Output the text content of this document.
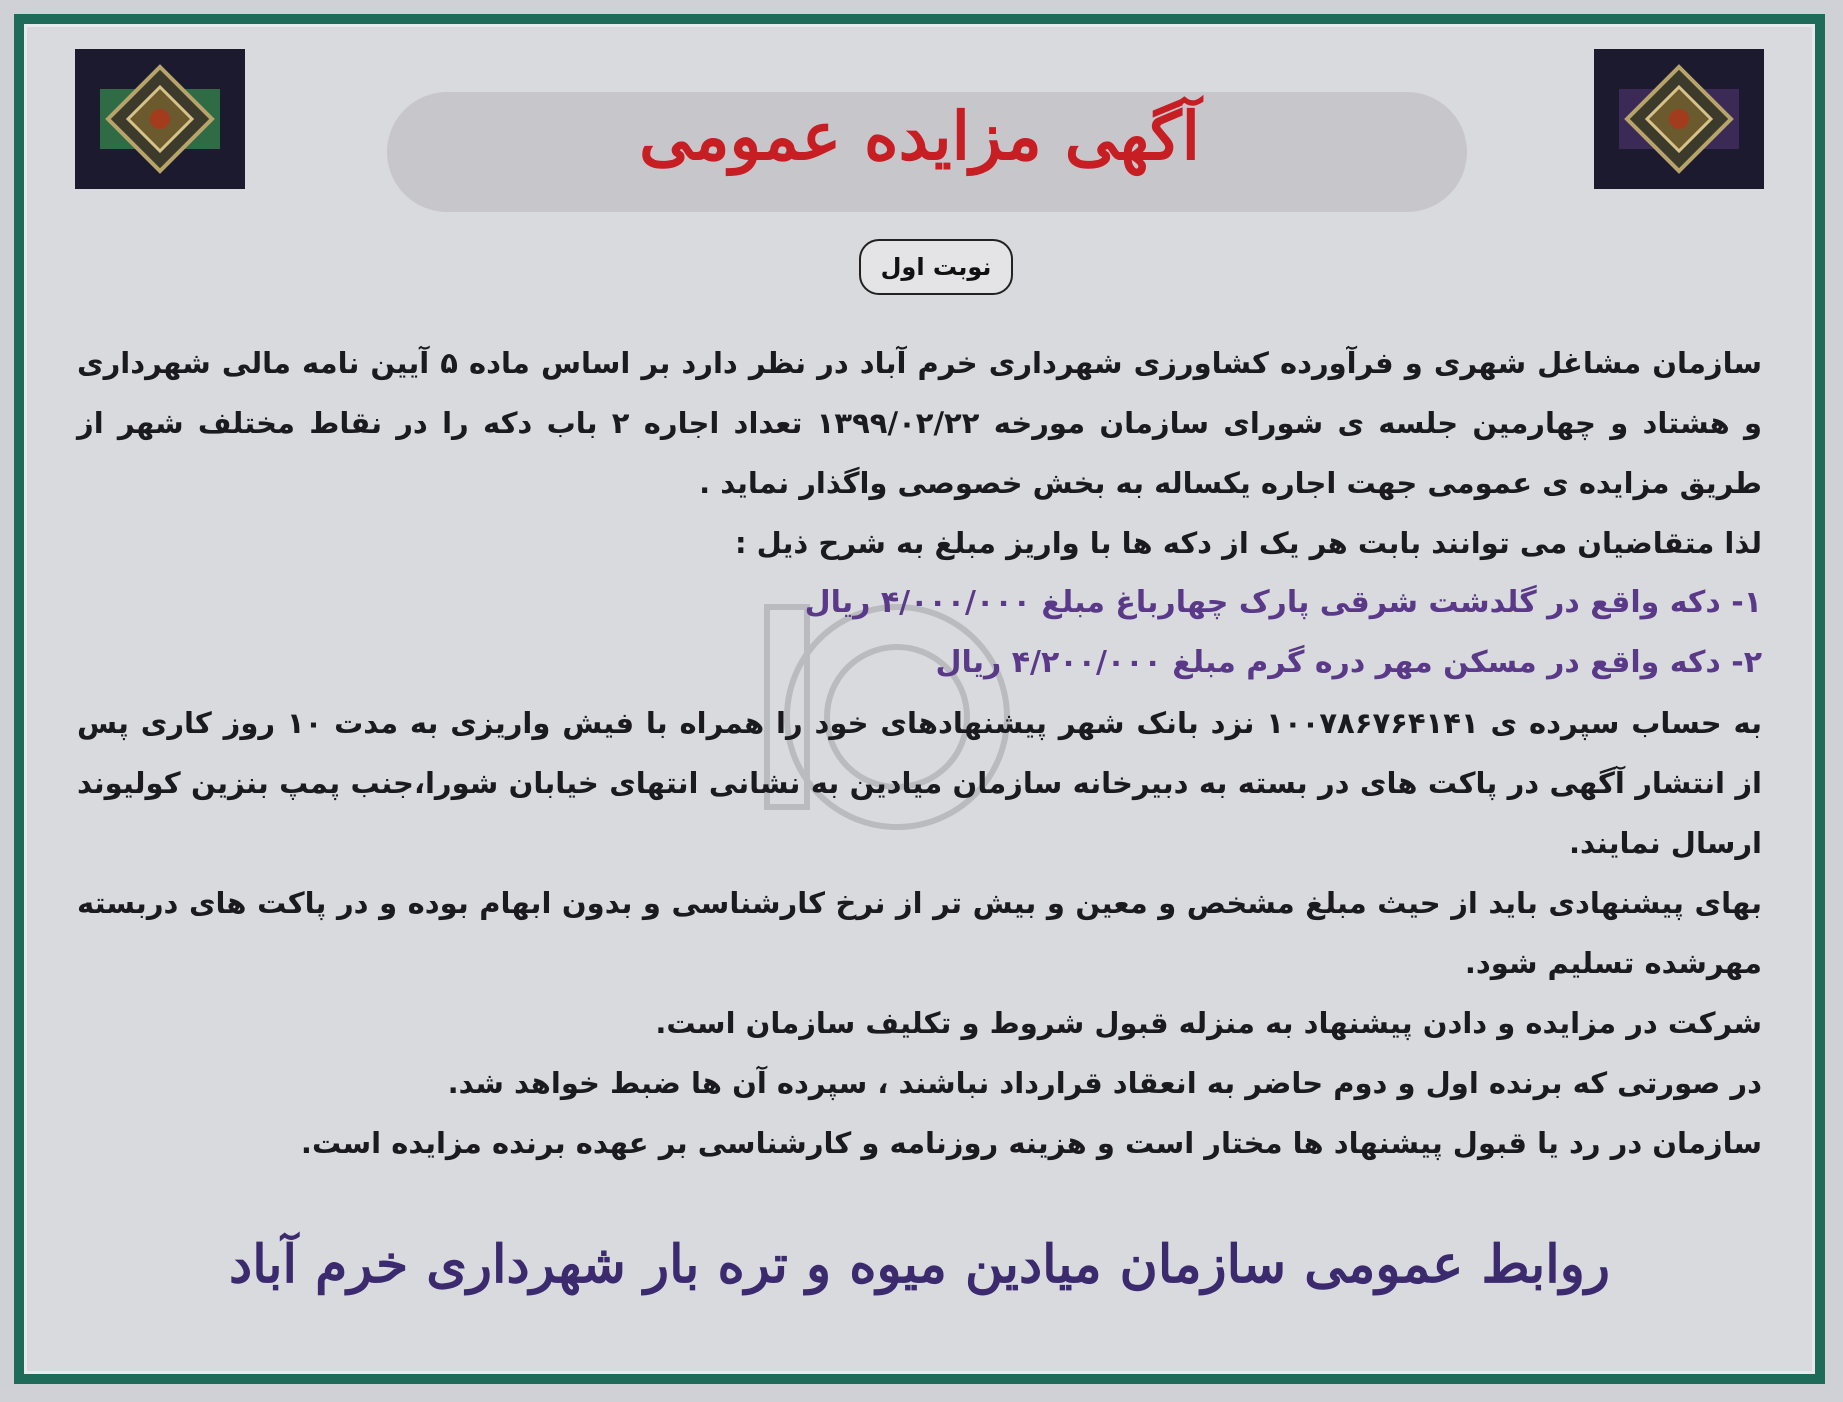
آگهی مزایده عمومی
نوبت اول

سازمان مشاغل شهری و فرآورده کشاورزی شهرداری خرم آباد در نظر دارد بر اساس ماده ۵ آیین نامه مالی شهرداری و هشتاد و چهارمین جلسه ی شورای سازمان مورخه ۱۳۹۹/۰۲/۲۲ تعداد اجاره ۲ باب دکه را در نقاط مختلف شهر از طریق مزایده ی عمومی جهت اجاره یکساله به بخش خصوصی واگذار نماید .

لذا متقاضیان می توانند بابت هر یک از دکه ها با واریز مبلغ به شرح ذیل :

۱- دکه واقع در گلدشت شرقی پارک چهارباغ مبلغ ۴/۰۰۰/۰۰۰ ریال

۲- دکه واقع در مسکن مهر دره گرم مبلغ ۴/۲۰۰/۰۰۰ ریال

به حساب سپرده ی ۱۰۰۷۸۶۷۶۴۱۴۱ نزد بانک شهر پیشنهادهای خود را همراه با فیش واریزی به مدت ۱۰ روز کاری پس از انتشار آگهی در پاکت های در بسته به دبیرخانه سازمان میادین به نشانی انتهای خیابان شورا،جنب پمپ بنزین کولیوند ارسال نمایند.

بهای پیشنهادی باید از حیث مبلغ مشخص و معین و بیش تر از نرخ کارشناسی و بدون ابهام بوده و در پاکت های دربسته مهرشده تسلیم شود.

شرکت در مزایده و دادن پیشنهاد به منزله قبول شروط و تکلیف سازمان است.

در صورتی که برنده اول و دوم حاضر به انعقاد قرارداد نباشند ، سپرده آن ها ضبط خواهد شد.

سازمان در رد یا قبول پیشنهاد ها مختار است و هزینه روزنامه و کارشناسی بر عهده برنده مزایده است.

روابط عمومی سازمان میادین میوه و تره بار شهرداری خرم آباد
